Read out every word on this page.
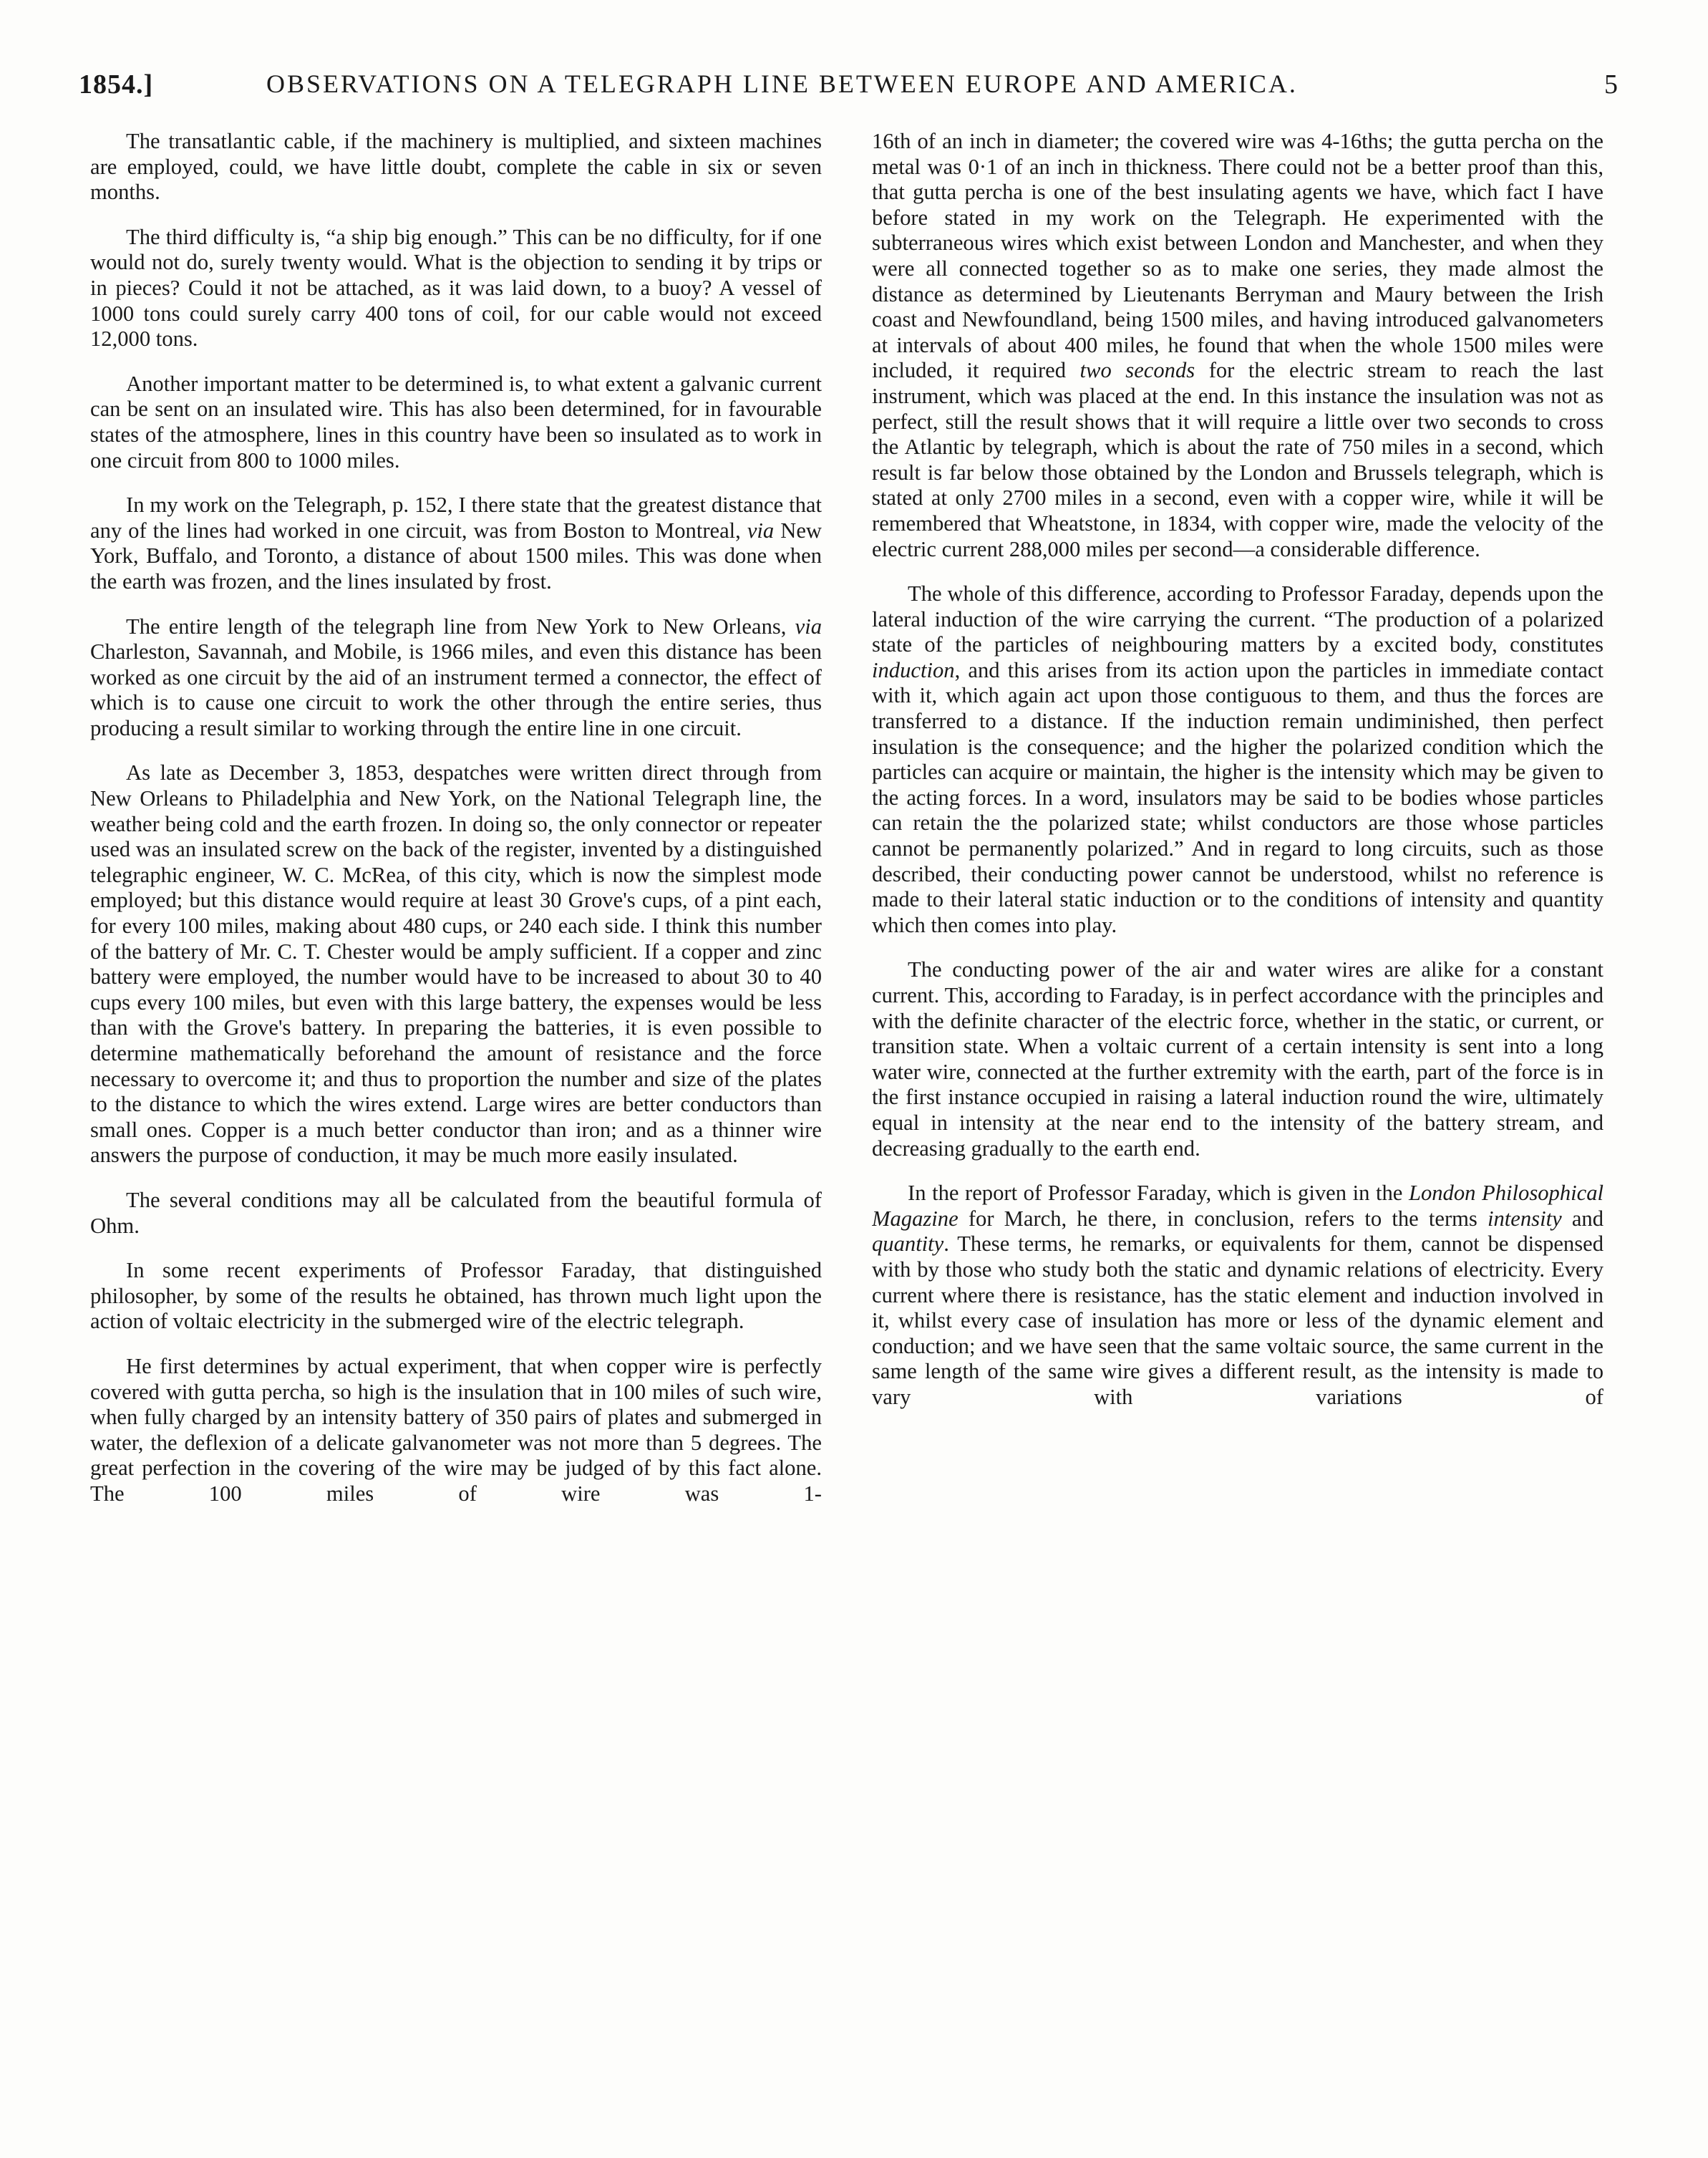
1854.]	OBSERVATIONS ON A TELEGRAPH LINE BETWEEN EUROPE AND AMERICA.	5

The transatlantic cable, if the machinery is multiplied, and sixteen machines are employed, could, we have little doubt, complete the cable in six or seven months.

The third difficulty is, “a ship big enough.” This can be no difficulty, for if one would not do, surely twenty would. What is the objection to sending it by trips or in pieces? Could it not be attached, as it was laid down, to a buoy? A vessel of 1000 tons could surely carry 400 tons of coil, for our cable would not exceed 12,000 tons.

Another important matter to be determined is, to what extent a galvanic current can be sent on an insulated wire. This has also been determined, for in favourable states of the atmosphere, lines in this country have been so insulated as to work in one circuit from 800 to 1000 miles.

In my work on the Telegraph, p. 152, I there state that the greatest distance that any of the lines had worked in one circuit, was from Boston to Montreal, via New York, Buffalo, and Toronto, a distance of about 1500 miles. This was done when the earth was frozen, and the lines insulated by frost.

The entire length of the telegraph line from New York to New Orleans, via Charleston, Savannah, and Mobile, is 1966 miles, and even this distance has been worked as one circuit by the aid of an instrument termed a connector, the effect of which is to cause one circuit to work the other through the entire series, thus producing a result similar to working through the entire line in one circuit.

As late as December 3, 1853, despatches were written direct through from New Orleans to Philadelphia and New York, on the National Telegraph line, the weather being cold and the earth frozen. In doing so, the only connector or repeater used was an insulated screw on the back of the register, invented by a distinguished telegraphic engineer, W. C. McRea, of this city, which is now the simplest mode employed; but this distance would require at least 30 Grove's cups, of a pint each, for every 100 miles, making about 480 cups, or 240 each side. I think this number of the battery of Mr. C. T. Chester would be amply sufficient. If a copper and zinc battery were employed, the number would have to be increased to about 30 to 40 cups every 100 miles, but even with this large battery, the expenses would be less than with the Grove's battery. In preparing the batteries, it is even possible to determine mathematically beforehand the amount of resistance and the force necessary to overcome it; and thus to proportion the number and size of the plates to the distance to which the wires extend. Large wires are better conductors than small ones. Copper is a much better conductor than iron; and as a thinner wire answers the purpose of conduction, it may be much more easily insulated.

The several conditions may all be calculated from the beautiful formula of Ohm.

In some recent experiments of Professor Faraday, that distinguished philosopher, by some of the results he obtained, has thrown much light upon the action of voltaic electricity in the submerged wire of the electric telegraph.

He first determines by actual experiment, that when copper wire is perfectly covered with gutta percha, so high is the insulation that in 100 miles of such wire, when fully charged by an intensity battery of 350 pairs of plates and submerged in water, the deflexion of a delicate galvanometer was not more than 5 degrees. The great perfection in the covering of the wire may be judged of by this fact alone. The 100 miles of wire was 1-

16th of an inch in diameter; the covered wire was 4-16ths; the gutta percha on the metal was 0·1 of an inch in thickness. There could not be a better proof than this, that gutta percha is one of the best insulating agents we have, which fact I have before stated in my work on the Telegraph. He experimented with the subterraneous wires which exist between London and Manchester, and when they were all connected together so as to make one series, they made almost the distance as determined by Lieutenants Berryman and Maury between the Irish coast and Newfoundland, being 1500 miles, and having introduced galvanometers at intervals of about 400 miles, he found that when the whole 1500 miles were included, it required two seconds for the electric stream to reach the last instrument, which was placed at the end. In this instance the insulation was not as perfect, still the result shows that it will require a little over two seconds to cross the Atlantic by telegraph, which is about the rate of 750 miles in a second, which result is far below those obtained by the London and Brussels telegraph, which is stated at only 2700 miles in a second, even with a copper wire, while it will be remembered that Wheatstone, in 1834, with copper wire, made the velocity of the electric current 288,000 miles per second—a considerable difference.

The whole of this difference, according to Professor Faraday, depends upon the lateral induction of the wire carrying the current. “The production of a polarized state of the particles of neighbouring matters by a excited body, constitutes induction, and this arises from its action upon the particles in immediate contact with it, which again act upon those contiguous to them, and thus the forces are transferred to a distance. If the induction remain undiminished, then perfect insulation is the consequence; and the higher the polarized condition which the particles can acquire or maintain, the higher is the intensity which may be given to the acting forces. In a word, insulators may be said to be bodies whose particles can retain the the polarized state; whilst conductors are those whose particles cannot be permanently polarized.” And in regard to long circuits, such as those described, their conducting power cannot be understood, whilst no reference is made to their lateral static induction or to the conditions of intensity and quantity which then comes into play.

The conducting power of the air and water wires are alike for a constant current. This, according to Faraday, is in perfect accordance with the principles and with the definite character of the electric force, whether in the static, or current, or transition state. When a voltaic current of a certain intensity is sent into a long water wire, connected at the further extremity with the earth, part of the force is in the first instance occupied in raising a lateral induction round the wire, ultimately equal in intensity at the near end to the intensity of the battery stream, and decreasing gradually to the earth end.

In the report of Professor Faraday, which is given in the London Philosophical Magazine for March, he there, in conclusion, refers to the terms intensity and quantity. These terms, he remarks, or equivalents for them, cannot be dispensed with by those who study both the static and dynamic relations of electricity. Every current where there is resistance, has the static element and induction involved in it, whilst every case of insulation has more or less of the dynamic element and conduction; and we have seen that the same voltaic source, the same current in the same length of the same wire gives a different result, as the intensity is made to vary with variations of
